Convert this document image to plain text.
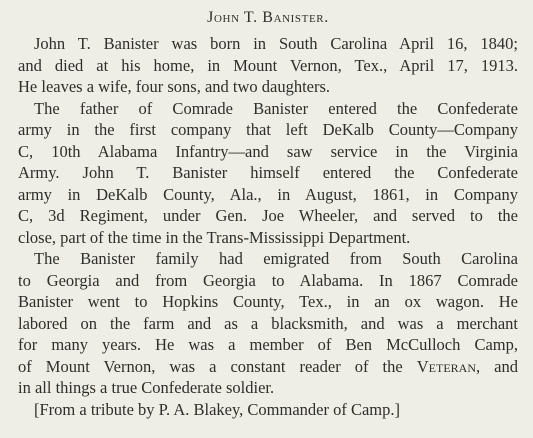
John T. Banister.

John T. Banister was born in South Carolina April 16, 1840;
and died at his home, in Mount Vernon, Tex., April 17, 1913.
He leaves a wife, four sons, and two daughters.

The father of Comrade Banister entered the Confederate
army in the first company that left DeKalb County—Company
C, 10th Alabama Infantry—and saw service in the Virginia
Army. John T. Banister himself entered the Confederate
army in DeKalb County, Ala., in August, 1861, in Company
C, 3d Regiment, under Gen. Joe Wheeler, and served to the
close, part of the time in the Trans-Mississippi Department.

The Banister family had emigrated from South Carolina
to Georgia and from Georgia to Alabama. In 1867 Comrade
Banister went to Hopkins County, Tex., in an ox wagon. He
labored on the farm and as a blacksmith, and was a merchant
for many years. He was a member of Ben McCulloch Camp,
of Mount Vernon, was a constant reader of the Veteran, and
in all things a true Confederate soldier.

[From a tribute by P. A. Blakey, Commander of Camp.]
